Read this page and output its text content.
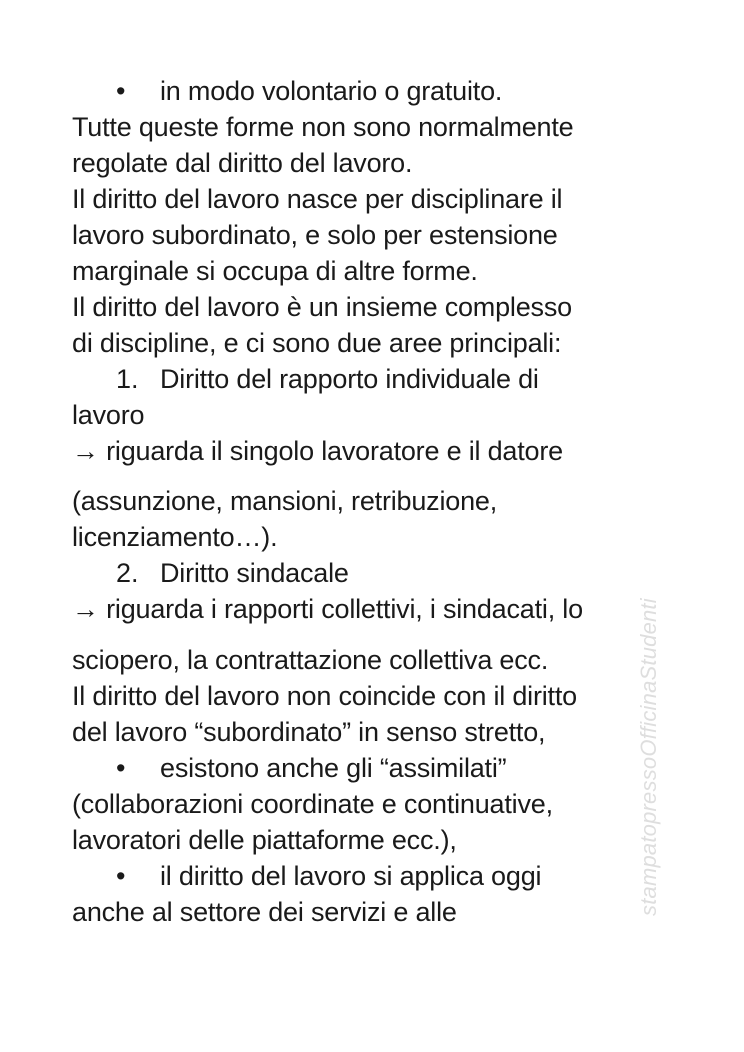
• in modo volontario o gratuito.
Tutte queste forme non sono normalmente
regolate dal diritto del lavoro.
Il diritto del lavoro nasce per disciplinare il
lavoro subordinato, e solo per estensione
marginale si occupa di altre forme.
Il diritto del lavoro è un insieme complesso
di discipline, e ci sono due aree principali:
1. Diritto del rapporto individuale di
lavoro
→ riguarda il singolo lavoratore e il datore
(assunzione, mansioni, retribuzione,
licenziamento…).
2. Diritto sindacale
→ riguarda i rapporti collettivi, i sindacati, lo
sciopero, la contrattazione collettiva ecc.
Il diritto del lavoro non coincide con il diritto
del lavoro “subordinato” in senso stretto,
• esistono anche gli “assimilati”
(collaborazioni coordinate e continuative,
lavoratori delle piattaforme ecc.),
• il diritto del lavoro si applica oggi
anche al settore dei servizi e alle	stampatopressoOfficinaStudenti
